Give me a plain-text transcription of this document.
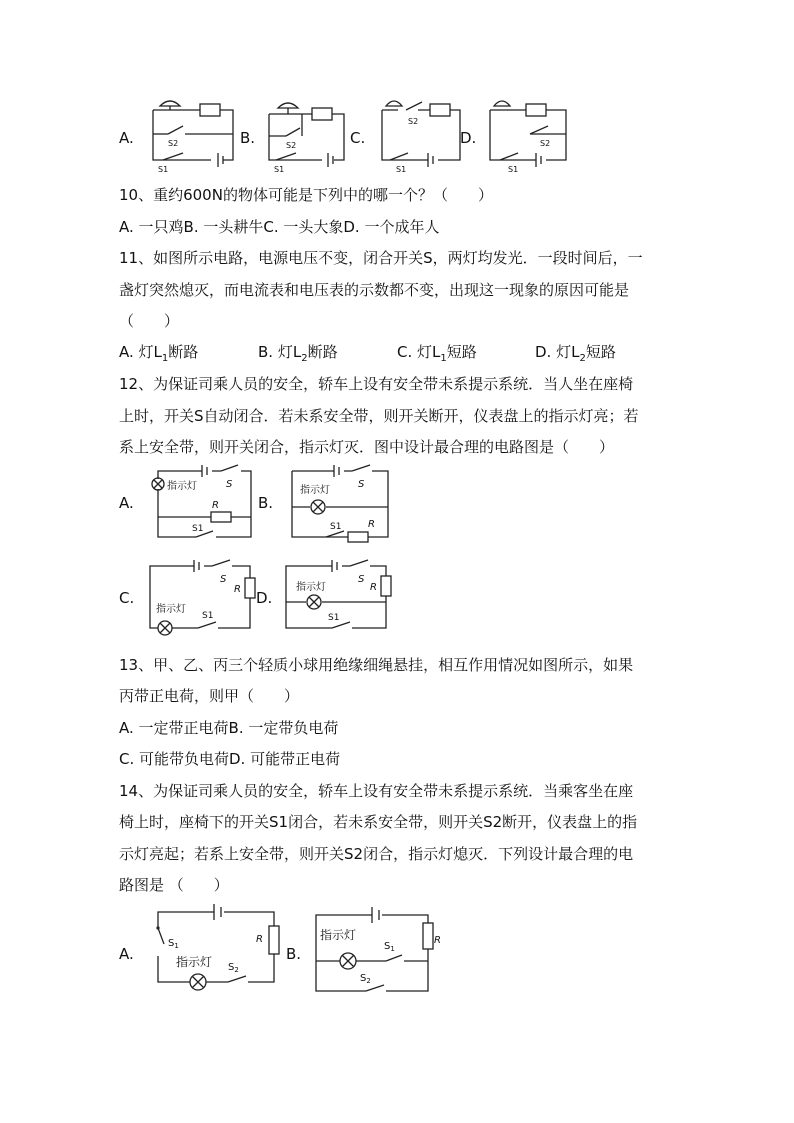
A.	S2
S1
B.	S2
S1
C.
S2
S1
D.	S2
S1
10、重约600N的物体可能是下列中的哪一个？（　　）
A. 一只鸡B. 一头耕牛C. 一头大象D. 一个成年人
11、如图所示电路，电源电压不变，闭合开关S，两灯均发光．一段时间后，一
盏灯突然熄灭，而电流表和电压表的示数都不变，出现这一现象的原因可能是
（　　）
A. 灯$L_1$断路	B. 灯$L_2$断路	C. 灯$L_1$短路	D. 灯$L_2$短路
12、为保证司乘人员的安全，轿车上设有安全带未系提示系统．当人坐在座椅
上时，开关S自动闭合．若未系安全带，则开关断开，仪表盘上的指示灯亮；若
系上安全带，则开关闭合，指示灯灭．图中设计最合理的电路图是（　　）
A.
指示灯	S
R
S1
B.
S
指示灯
S1	R
C.
S
R
指示灯
S1
D.
S
R
指示灯
S1
13、甲、乙、丙三个轻质小球用绝缘细绳悬挂，相互作用情况如图所示，如果
丙带正电荷，则甲（　　）
A. 一定带正电荷B. 一定带负电荷
C. 可能带负电荷D. 可能带正电荷
14、为保证司乘人员的安全，轿车上设有安全带未系提示系统．当乘客坐在座
椅上时，座椅下的开关S1闭合，若未系安全带，则开关S2断开，仪表盘上的指
示灯亮起；若系上安全带，则开关S2闭合，指示灯熄灭．下列设计最合理的电
路图是 （　　）
A.
$S_1$
R
指示灯 $S_2$
B.
R
指示灯
$S_1$
$S_2$
